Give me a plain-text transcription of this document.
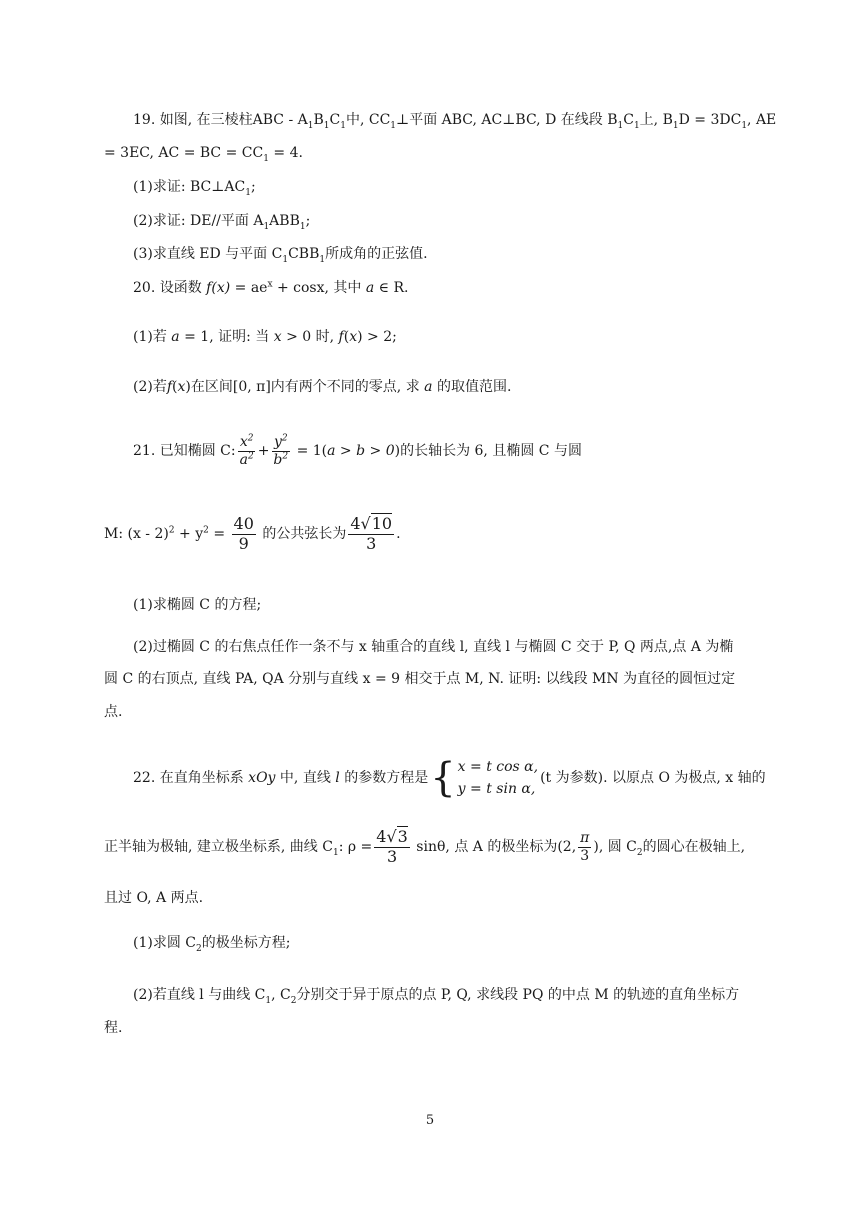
19. 如图, 在三棱柱ABC - $A_1B_1C_1$中, $CC_1\perp$平面 ABC, AC⊥BC, D 在线段 $B_1C_1$上, $B_1D = 3DC_1$, AE
= 3EC, AC = BC = $CC_1 = 4$.
(1)求证: $BC\perp AC_1$;
(2)求证: DE//平面 $A_1ABB_1$;
(3)求直线 ED 与平面 $C_1CBB_1$所成角的正弦值.
20. 设函数 $f(x) = ae^x + \cos x$, 其中 a ∈ R.
(1)若 a = 1, 证明: 当 x > 0 时, f(x) > 2;
(2)若f(x)在区间[0, π]内有两个不同的零点, 求 a 的取值范围.
21. 已知椭圆 C: $\frac{x^2}{a^2} + \frac{y^2}{b^2} = 1(a > b > 0)$的长轴长为 6, 且椭圆 C 与圆
M: $(x - 2)^2 + y^2 = \frac{40}{9}$ 的公共弦长为 $\frac{4√10}{3}$ .
(1)求椭圆 C 的方程;
(2)过椭圆 C 的右焦点任作一条不与 x 轴重合的直线 l, 直线 l 与椭圆 C 交于 P, Q 两点,点 A 为椭
圆 C 的右顶点, 直线 PA, QA 分别与直线 x = 9 相交于点 M, N. 证明: 以线段 MN 为直径的圆恒过定
点.
22. 在直角坐标系 xOy 中, 直线 l 的参数方程是 { x = t cos α,
y = t sin α,
(t 为参数). 以原点 O 为极点, x 轴的
正半轴为极轴, 建立极坐标系, 曲线 $C_1$: $\rho = \frac{4√3}{3} \sin\theta$, 点 A 的极坐标为(2, $\frac{\pi}{3}$ ), 圆 $C_2$的圆心在极轴上,
且过 O, A 两点.
(1)求圆 $C_2$的极坐标方程;
(2)若直线 l 与曲线 $C_1$, $C_2$分别交于异于原点的点 P, Q, 求线段 PQ 的中点 M 的轨迹的直角坐标方
程.
5
